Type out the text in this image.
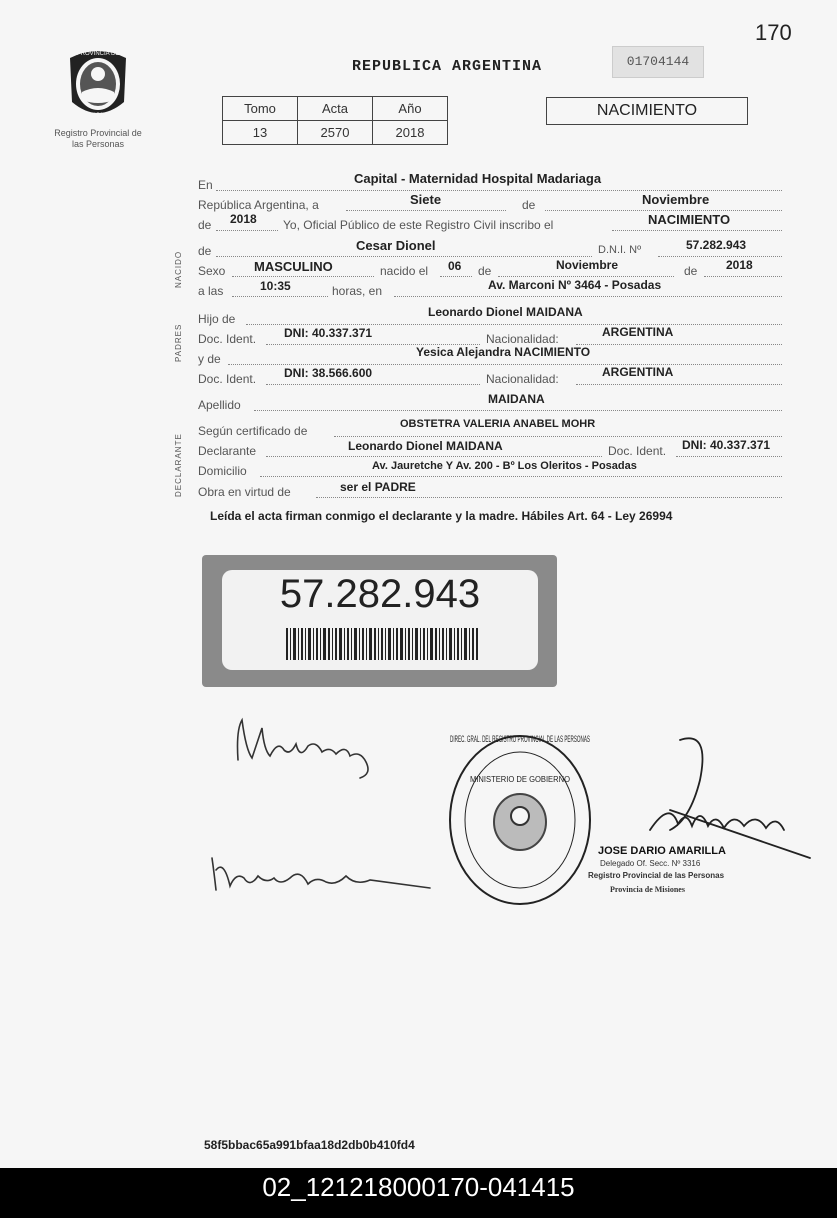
170
PROVINCIA DE
MISIONES
Registro Provincial de las Personas
REPUBLICA ARGENTINA	01704144
Tomo	Acta	Año
13	2570	2018
NACIMIENTO
NACIDO
PADRES
DECLARANTE
En	Capital - Maternidad Hospital Madariaga
República Argentina, a	Siete	de	Noviembre
de 2018 Yo, Oficial Público de este Registro Civil inscribo el	NACIMIENTO
de	Cesar Dionel	D.N.I. Nº	57.282.943
Sexo MASCULINO	nacido el 06 de	Noviembre	de 2018
a las	10:35	horas, en	Av. Marconi Nº 3464 - Posadas
Hijo de	Leonardo Dionel MAIDANA
Doc. Ident. DNI: 40.337.371	Nacionalidad:	ARGENTINA
y de	Yesica Alejandra NACIMIENTO
Doc. Ident. DNI: 38.566.600	Nacionalidad:	ARGENTINA
Apellido	MAIDANA
Según certificado de	OBSTETRA VALERIA ANABEL MOHR
Declarante	Leonardo Dionel MAIDANA	Doc. Ident. DNI: 40.337.371
Domicilio	Av. Jauretche Y Av. 200 - Bº Los Oleritos - Posadas
Obra en virtud de	ser el PADRE
Leída el acta firman conmigo el declarante y la madre. Hábiles Art. 64 - Ley 26994
57.282.943
DIREC. GRAL. DEL REGISTRO PROVINCIAL DE LAS PERSONAS
MINISTERIO DE GOBIERNO
JOSE DARIO AMARILLA
Delegado Of. Secc. Nº 3316
Registro Provincial de las Personas
Provincia de Misiones
58f5bbac65a991bfaa18d2db0b410fd4
02_121218000170-041415
